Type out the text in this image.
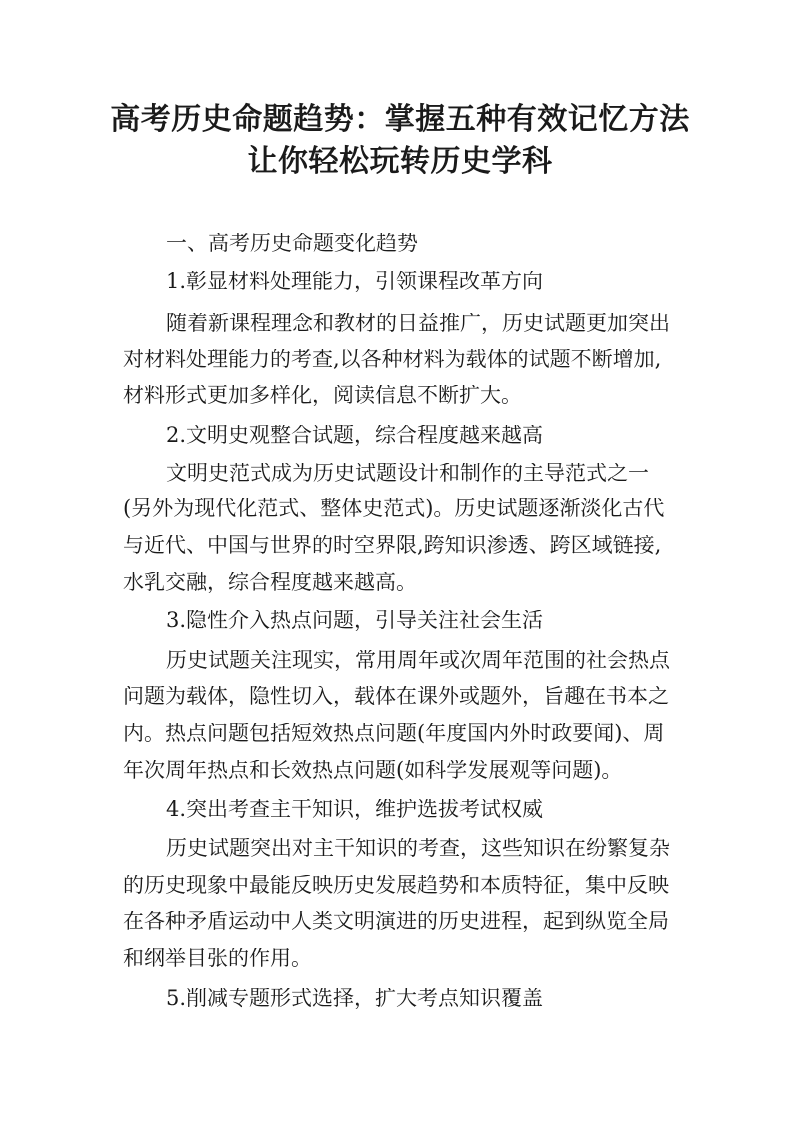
高考历史命题趋势：掌握五种有效记忆方法
让你轻松玩转历史学科
一、高考历史命题变化趋势
1.彰显材料处理能力，引领课程改革方向
随着新课程理念和教材的日益推广，历史试题更加突出
对材料处理能力的考查,以各种材料为载体的试题不断增加,
材料形式更加多样化，阅读信息不断扩大。
2.文明史观整合试题，综合程度越来越高
文明史范式成为历史试题设计和制作的主导范式之一
(另外为现代化范式、整体史范式)。历史试题逐渐淡化古代
与近代、中国与世界的时空界限,跨知识渗透、跨区域链接,
水乳交融，综合程度越来越高。
3.隐性介入热点问题，引导关注社会生活
历史试题关注现实，常用周年或次周年范围的社会热点
问题为载体，隐性切入，载体在课外或题外，旨趣在书本之
内。热点问题包括短效热点问题(年度国内外时政要闻)、周
年次周年热点和长效热点问题(如科学发展观等问题)。
4.突出考查主干知识，维护选拔考试权威
历史试题突出对主干知识的考查，这些知识在纷繁复杂
的历史现象中最能反映历史发展趋势和本质特征，集中反映
在各种矛盾运动中人类文明演进的历史进程，起到纵览全局
和纲举目张的作用。
5.削减专题形式选择，扩大考点知识覆盖
